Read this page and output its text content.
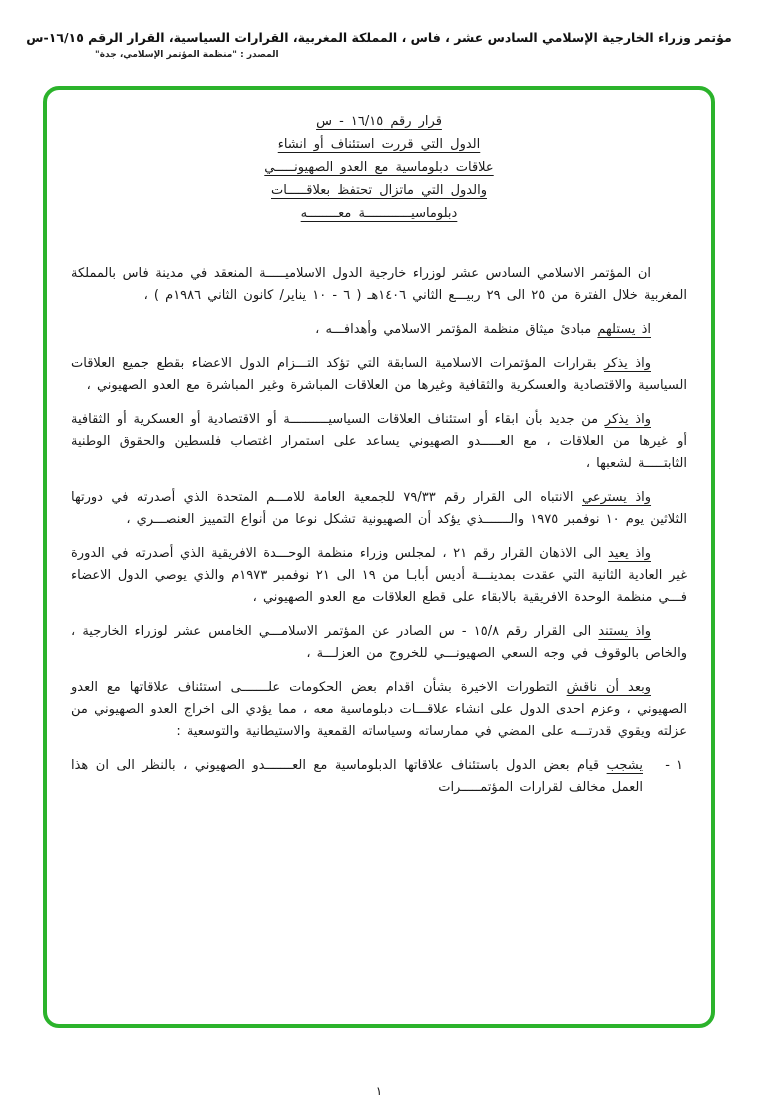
مؤتمر وزراء الخارجية الإسلامي السادس عشر ، فاس ، المملكة المغربية، القرارات السياسية، القرار الرقم ١٦/١٥-س
المصدر : "منظمة المؤتمر الإسلامي، جدة"
قرار رقم ١٦/١٥ - س
الدول التي قررت استئناف أو انشاء
علاقات دبلوماسية مع العدو الصهيونـــــي
والدول التي ماتزال تحتفظ بعلاقـــــات
دبلوماسيــــــــــــة معــــــــه

ان المؤتمر الاسلامي السادس عشر لوزراء خارجية الدول الاسلاميـــــة المنعقد في مدينة فاس بالمملكة المغربية خلال الفترة من ٢٥ الى ٢٩ ربيـــع الثاني ١٤٠٦هـ ( ٦ - ١٠ يناير/ كانون الثاني ١٩٨٦م ) ،

اذ يستلهم مبادئ ميثاق منظمة المؤتمر الاسلامي وأهدافـــه ،

واذ يذكر بقرارات المؤتمرات الاسلامية السابقة التي تؤكد التـــزام الدول الاعضاء بقطع جميع العلاقات السياسية والاقتصادية والعسكرية والثقافية وغيرها من العلاقات المباشرة وغير المباشرة مع العدو الصهيوني ،

واذ يذكر من جديد بأن ابقاء أو استئناف العلاقات السياسيــــــــــة أو الاقتصادية أو العسكرية أو الثقافية أو غيرها من العلاقات ، مع العـــــدو الصهيوني يساعد على استمرار اغتصاب فلسطين والحقوق الوطنية الثابتـــــة لشعبها ،

واذ يسترعي الانتباه الى القرار رقم ٧٩/٣٣ للجمعية العامة للامـــم المتحدة الذي أصدرته في دورتها الثلاثين يوم ١٠ نوفمبر ١٩٧٥ والـــــــذي يؤكد أن الصهيونية تشكل نوعا من أنواع التمييز العنصـــري ،

واذ يعيد الى الاذهان القرار رقم ٢١ ، لمجلس وزراء منظمة الوحـــدة الافريقية الذي أصدرته في الدورة غير العادية الثانية التي عقدت بمدينـــة أديس أبابـا من ١٩ الى ٢١ نوفمبر ١٩٧٣م والذي يوصي الدول الاعضاء فـــي منظمة الوحدة الافريقية بالابقاء على قطع العلاقات مع العدو الصهيوني ،

واذ يستند الى القرار رقم ١٥/٨ - س الصادر عن المؤتمر الاسلامـــي الخامس عشر لوزراء الخارجية ، والخاص بالوقوف في وجه السعي الصهيونـــي للخروج من العزلـــة ،

وبعد أن ناقش التطورات الاخيرة بشأن اقدام بعض الحكومات علـــــــى استئناف علاقاتها مع العدو الصهيوني ، وعزم احدى الدول على انشاء علاقـــات دبلوماسية معه ، مما يؤدي الى اخراج العدو الصهيوني من عزلته ويقوي قدرتـــه على المضي في ممارساته وسياساته القمعية والاستيطانية والتوسعية :

١ -
يشجب قيام بعض الدول باستئناف علاقاتها الدبلوماسية مع العـــــــدو الصهيوني ، بالنظر الى ان هذا العمل مخالف لقرارات المؤتمـــــرات
١
